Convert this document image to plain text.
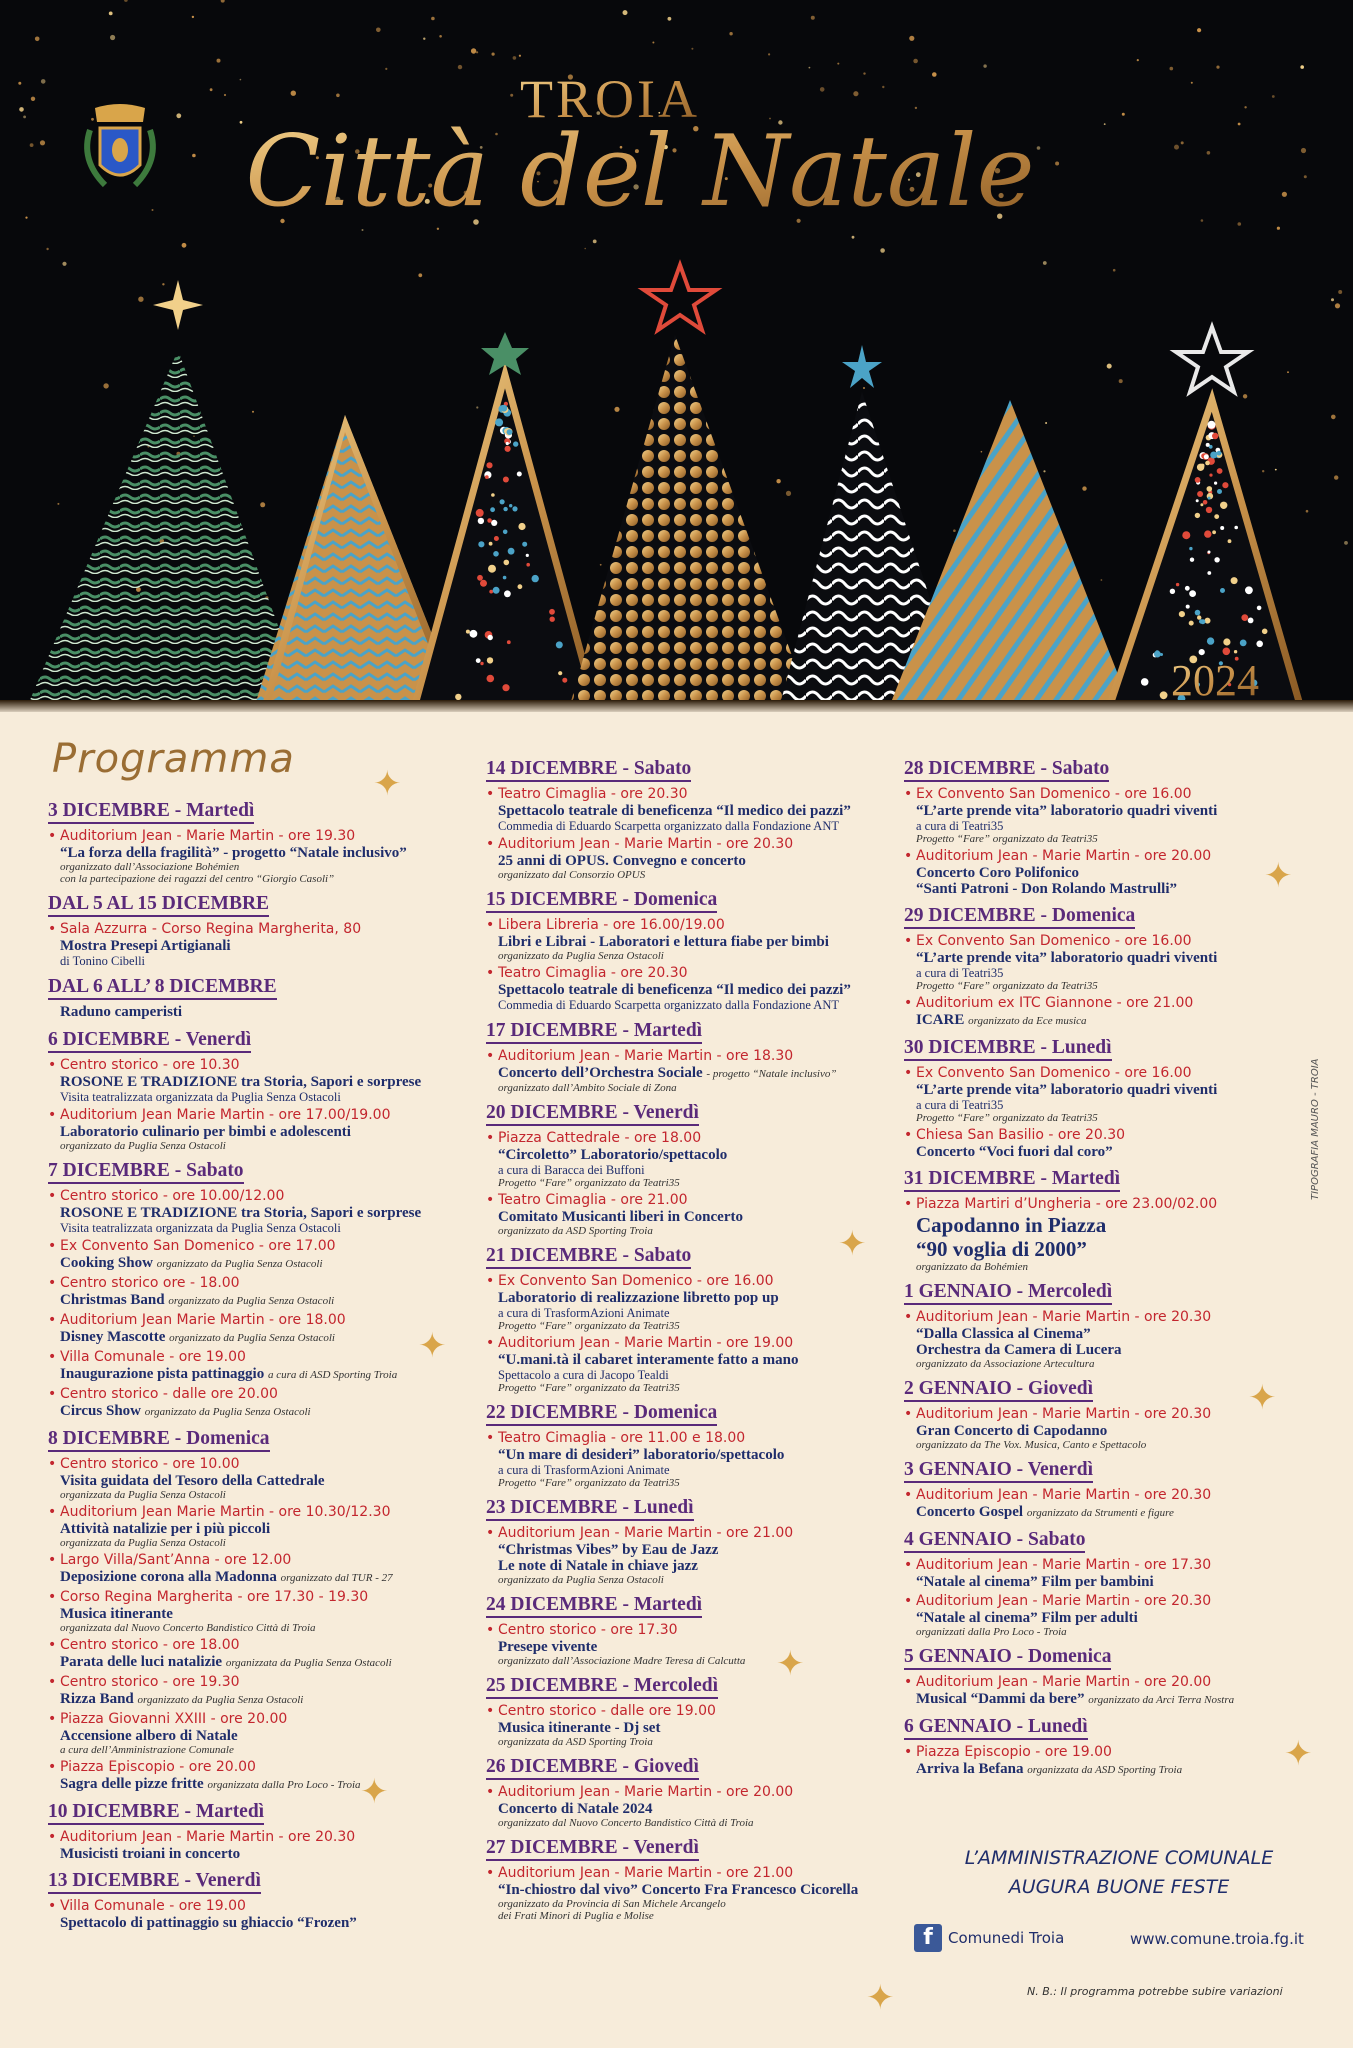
TROIA
Città del Natale
2024
Programma
3 DICEMBRE - Martedì

• Auditorium Jean - Marie Martin - ore 19.30
“La forza della fragilità” - progetto “Natale inclusivo”
organizzato dall’Associazione Bohémien
con la partecipazione dei ragazzi del centro “Giorgio Casoli”
DAL 5 AL 15 DICEMBRE

• Sala Azzurra - Corso Regina Margherita, 80
Mostra Presepi Artigianali
di Tonino Cibelli
DAL 6 ALL’ 8 DICEMBRE

Raduno camperisti
6 DICEMBRE - Venerdì

• Centro storico - ore 10.30
ROSONE E TRADIZIONE tra Storia, Sapori e sorprese
Visita teatralizzata organizzata da Puglia Senza Ostacoli
• Auditorium Jean Marie Martin - ore 17.00/19.00
Laboratorio culinario per bimbi e adolescenti
organizzato da Puglia Senza Ostacoli
7 DICEMBRE - Sabato

• Centro storico - ore 10.00/12.00
ROSONE E TRADIZIONE tra Storia, Sapori e sorprese
Visita teatralizzata organizzata da Puglia Senza Ostacoli
• Ex Convento San Domenico - ore 17.00
Cooking Show organizzato da Puglia Senza Ostacoli
• Centro storico ore - 18.00
Christmas Band organizzato da Puglia Senza Ostacoli
• Auditorium Jean Marie Martin - ore 18.00
Disney Mascotte organizzato da Puglia Senza Ostacoli
• Villa Comunale - ore 19.00
Inaugurazione pista pattinaggio a cura di ASD Sporting Troia
• Centro storico - dalle ore 20.00
Circus Show organizzato da Puglia Senza Ostacoli
8 DICEMBRE - Domenica

• Centro storico - ore 10.00
Visita guidata del Tesoro della Cattedrale
organizzata da Puglia Senza Ostacoli
• Auditorium Jean Marie Martin - ore 10.30/12.30
Attività natalizie per i più piccoli
organizzata da Puglia Senza Ostacoli
• Largo Villa/Sant’Anna - ore 12.00
Deposizione corona alla Madonna organizzato dal TUR - 27
• Corso Regina Margherita - ore 17.30 - 19.30
Musica itinerante
organizzata dal Nuovo Concerto Bandistico Città di Troia
• Centro storico - ore 18.00
Parata delle luci natalizie organizzata da Puglia Senza Ostacoli
• Centro storico - ore 19.30
Rizza Band organizzato da Puglia Senza Ostacoli
• Piazza Giovanni XXIII - ore 20.00
Accensione albero di Natale
a cura dell’Amministrazione Comunale
• Piazza Episcopio - ore 20.00
Sagra delle pizze fritte organizzata dalla Pro Loco - Troia
10 DICEMBRE - Martedì

• Auditorium Jean - Marie Martin - ore 20.30
Musicisti troiani in concerto
13 DICEMBRE - Venerdì

• Villa Comunale - ore 19.00
Spettacolo di pattinaggio su ghiaccio “Frozen”
14 DICEMBRE - Sabato

• Teatro Cimaglia - ore 20.30
Spettacolo teatrale di beneficenza “Il medico dei pazzi”
Commedia di Eduardo Scarpetta organizzato dalla Fondazione ANT
• Auditorium Jean - Marie Martin - ore 20.30
25 anni di OPUS. Convegno e concerto
organizzato dal Consorzio OPUS
15 DICEMBRE - Domenica

• Libera Libreria - ore 16.00/19.00
Libri e Librai - Laboratori e lettura fiabe per bimbi
organizzato da Puglia Senza Ostacoli
• Teatro Cimaglia - ore 20.30
Spettacolo teatrale di beneficenza “Il medico dei pazzi”
Commedia di Eduardo Scarpetta organizzato dalla Fondazione ANT
17 DICEMBRE - Martedì

• Auditorium Jean - Marie Martin - ore 18.30
Concerto dell’Orchestra Sociale - progetto “Natale inclusivo”
organizzato dall’Ambito Sociale di Zona
20 DICEMBRE - Venerdì

• Piazza Cattedrale - ore 18.00
“Circoletto” Laboratorio/spettacolo
a cura di Baracca dei Buffoni
Progetto “Fare” organizzato da Teatri35
• Teatro Cimaglia - ore 21.00
Comitato Musicanti liberi in Concerto
organizzato da ASD Sporting Troia
21 DICEMBRE - Sabato

• Ex Convento San Domenico - ore 16.00
Laboratorio di realizzazione libretto pop up
a cura di TrasformAzioni Animate
Progetto “Fare” organizzato da Teatri35
• Auditorium Jean - Marie Martin - ore 19.00
“U.mani.tà il cabaret interamente fatto a mano
Spettacolo a cura di Jacopo Tealdi
Progetto “Fare” organizzato da Teatri35
22 DICEMBRE - Domenica

• Teatro Cimaglia - ore 11.00 e 18.00
“Un mare di desideri” laboratorio/spettacolo
a cura di TrasformAzioni Animate
Progetto “Fare” organizzato da Teatri35
23 DICEMBRE - Lunedì

• Auditorium Jean - Marie Martin - ore 21.00
“Christmas Vibes” by Eau de Jazz
Le note di Natale in chiave jazz
organizzato da Puglia Senza Ostacoli
24 DICEMBRE - Martedì

• Centro storico - ore 17.30
Presepe vivente
organizzato dall’Associazione Madre Teresa di Calcutta
25 DICEMBRE - Mercoledì

• Centro storico - dalle ore 19.00
Musica itinerante - Dj set
organizzata da ASD Sporting Troia
26 DICEMBRE - Giovedì

• Auditorium Jean - Marie Martin - ore 20.00
Concerto di Natale 2024
organizzato dal Nuovo Concerto Bandistico Città di Troia
27 DICEMBRE - Venerdì

• Auditorium Jean - Marie Martin - ore 21.00
“In-chiostro dal vivo” Concerto Fra Francesco Cicorella
organizzato da Provincia di San Michele Arcangelo
dei Frati Minori di Puglia e Molise
28 DICEMBRE - Sabato

• Ex Convento San Domenico - ore 16.00
“L’arte prende vita” laboratorio quadri viventi
a cura di Teatri35
Progetto “Fare” organizzato da Teatri35
• Auditorium Jean - Marie Martin - ore 20.00
Concerto Coro Polifonico
“Santi Patroni - Don Rolando Mastrulli”
29 DICEMBRE - Domenica

• Ex Convento San Domenico - ore 16.00
“L’arte prende vita” laboratorio quadri viventi
a cura di Teatri35
Progetto “Fare” organizzato da Teatri35
• Auditorium ex ITC Giannone - ore 21.00
ICARE organizzato da Ece musica
30 DICEMBRE - Lunedì

• Ex Convento San Domenico - ore 16.00
“L’arte prende vita” laboratorio quadri viventi
a cura di Teatri35
Progetto “Fare” organizzato da Teatri35
• Chiesa San Basilio - ore 20.30
Concerto “Voci fuori dal coro”
31 DICEMBRE - Martedì

• Piazza Martiri d’Ungheria - ore 23.00/02.00
Capodanno in Piazza
“90 voglia di 2000”
organizzato da Bohémien
1 GENNAIO - Mercoledì

• Auditorium Jean - Marie Martin - ore 20.30
“Dalla Classica al Cinema”
Orchestra da Camera di Lucera
organizzato da Associazione Artecultura
2 GENNAIO - Giovedì

• Auditorium Jean - Marie Martin - ore 20.30
Gran Concerto di Capodanno
organizzato da The Vox. Musica, Canto e Spettacolo
3 GENNAIO - Venerdì

• Auditorium Jean - Marie Martin - ore 20.30
Concerto Gospel organizzato da Strumenti e figure
4 GENNAIO - Sabato

• Auditorium Jean - Marie Martin - ore 17.30
“Natale al cinema” Film per bambini
• Auditorium Jean - Marie Martin - ore 20.30
“Natale al cinema” Film per adulti
organizzati dalla Pro Loco - Troia
5 GENNAIO - Domenica

• Auditorium Jean - Marie Martin - ore 20.00
Musical “Dammi da bere” organizzato da Arci Terra Nostra
6 GENNAIO - Lunedì

• Piazza Episcopio - ore 19.00
Arriva la Befana organizzata da ASD Sporting Troia
✦
✦
✦
✦
✦
✦
✦
✦
✦
L’AMMINISTRAZIONE COMUNALE
AUGURA BUONE FESTE
f	Comunedi Troia	www.comune.troia.fg.it
N. B.: Il programma potrebbe subire variazioni
TIPOGRAFIA MAURO - TROIA
